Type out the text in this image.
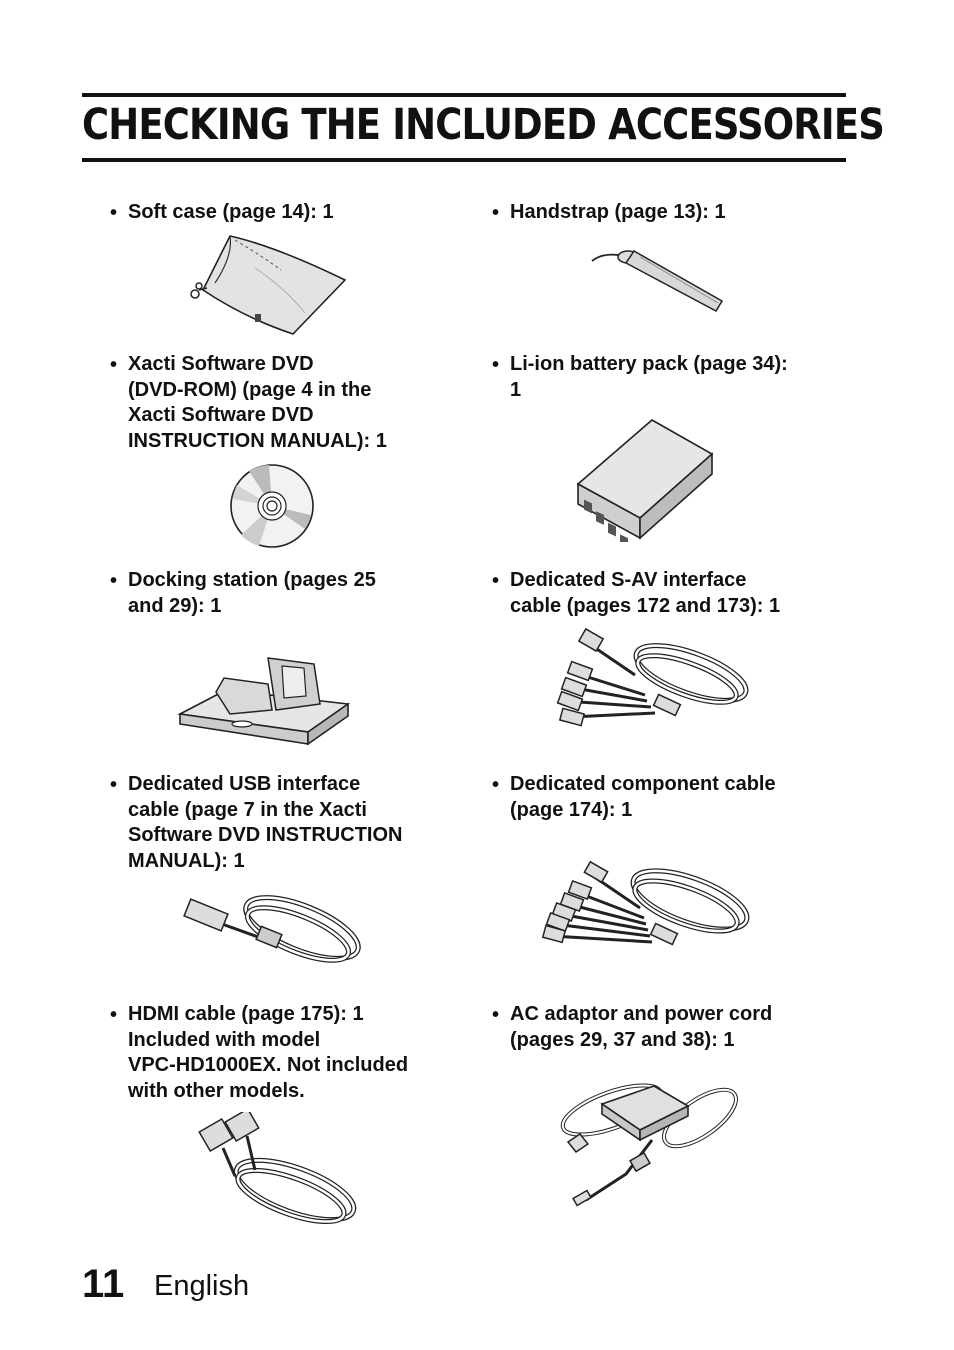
CHECKING THE INCLUDED ACCESSORIES
• Soft case (page 14): 1	• Handstrap (page 13): 1
• Xacti Software DVD
(DVD-ROM) (page 4 in the
Xacti Software DVD
INSTRUCTION MANUAL): 1
• Li-ion battery pack (page 34):
1
• Docking station (pages 25
and 29): 1
• Dedicated S-AV interface
cable (pages 172 and 173): 1
• Dedicated USB interface
cable (page 7 in the Xacti
Software DVD INSTRUCTION
MANUAL): 1
• Dedicated component cable
(page 174): 1
• HDMI cable (page 175): 1
Included with model
VPC-HD1000EX. Not included
with other models.
• AC adaptor and power cord
(pages 29, 37 and 38): 1
11 English
